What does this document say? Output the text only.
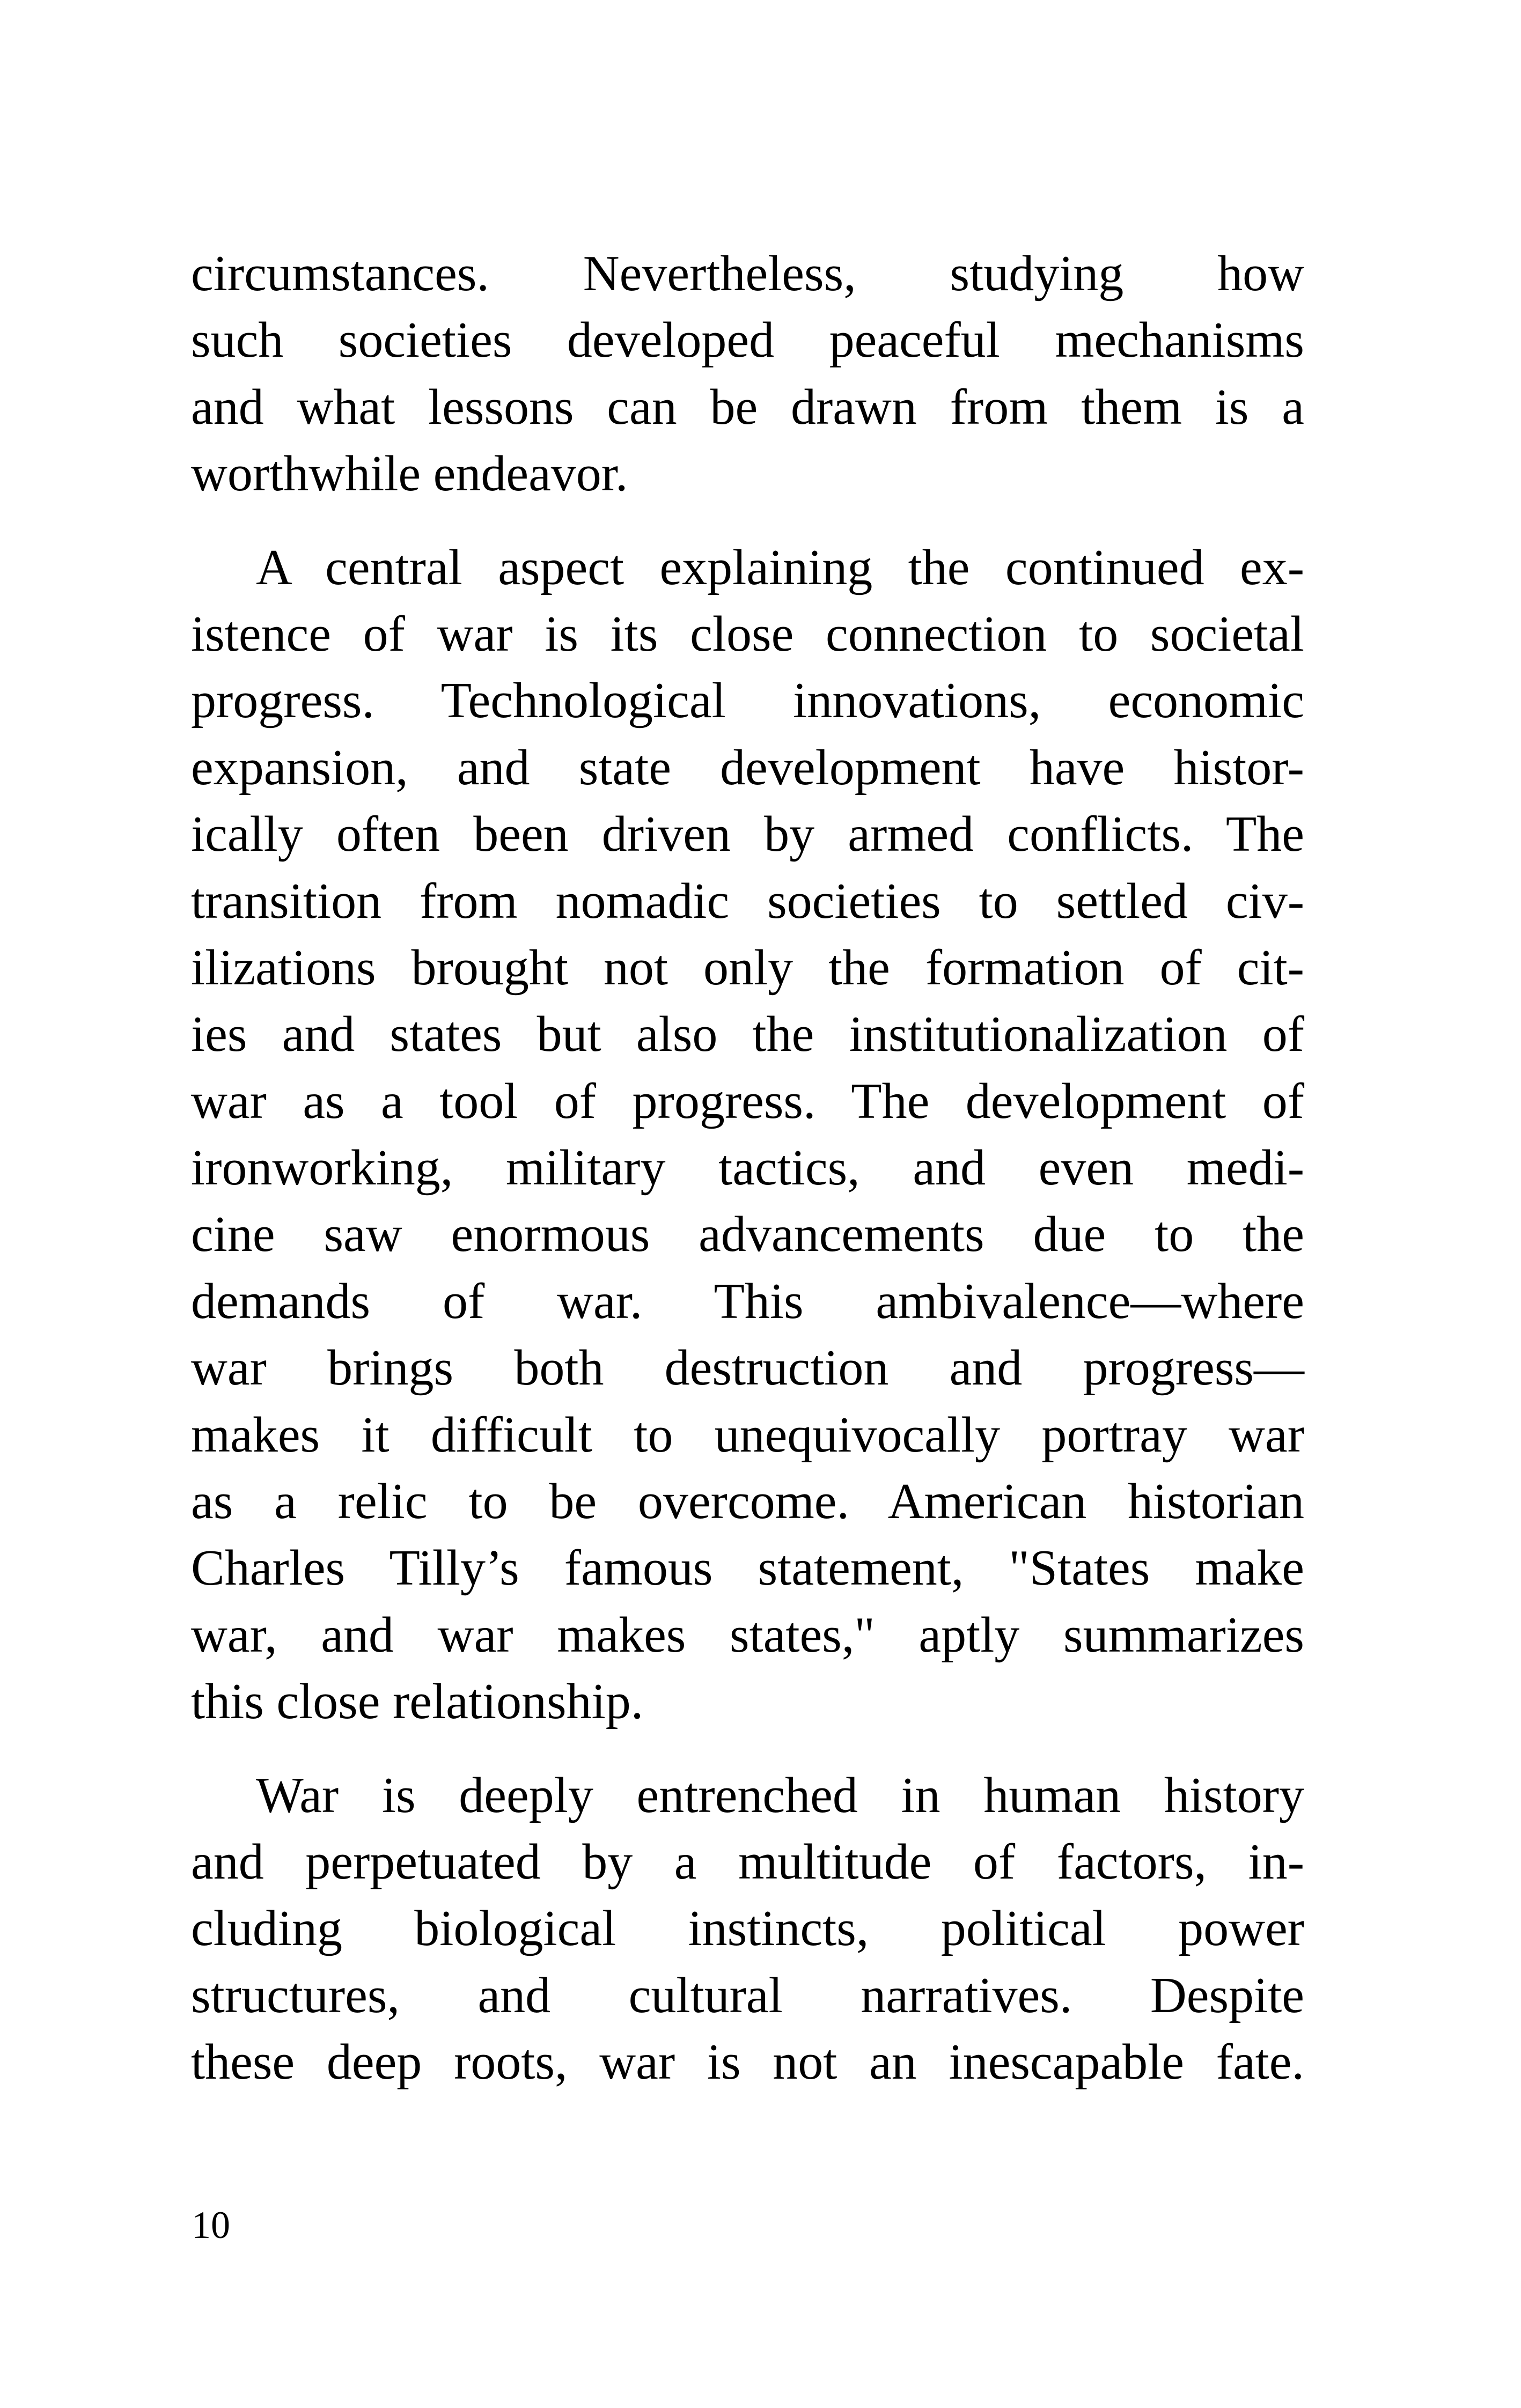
circumstances. Nevertheless, studying how
such societies developed peaceful mechanisms
and what lessons can be drawn from them is a
worthwhile endeavor.

A central aspect explaining the continued ex-
istence of war is its close connection to societal
progress. Technological innovations, economic
expansion, and state development have histor-
ically often been driven by armed conflicts. The
transition from nomadic societies to settled civ-
ilizations brought not only the formation of cit-
ies and states but also the institutionalization of
war as a tool of progress. The development of
ironworking, military tactics, and even medi-
cine saw enormous advancements due to the
demands of war. This ambivalence—where
war brings both destruction and progress—
makes it difficult to unequivocally portray war
as a relic to be overcome. American historian
Charles Tilly’s famous statement, "States make
war, and war makes states," aptly summarizes
this close relationship.

War is deeply entrenched in human history
and perpetuated by a multitude of factors, in-
cluding biological instincts, political power
structures, and cultural narratives. Despite
these deep roots, war is not an inescapable fate.

10
